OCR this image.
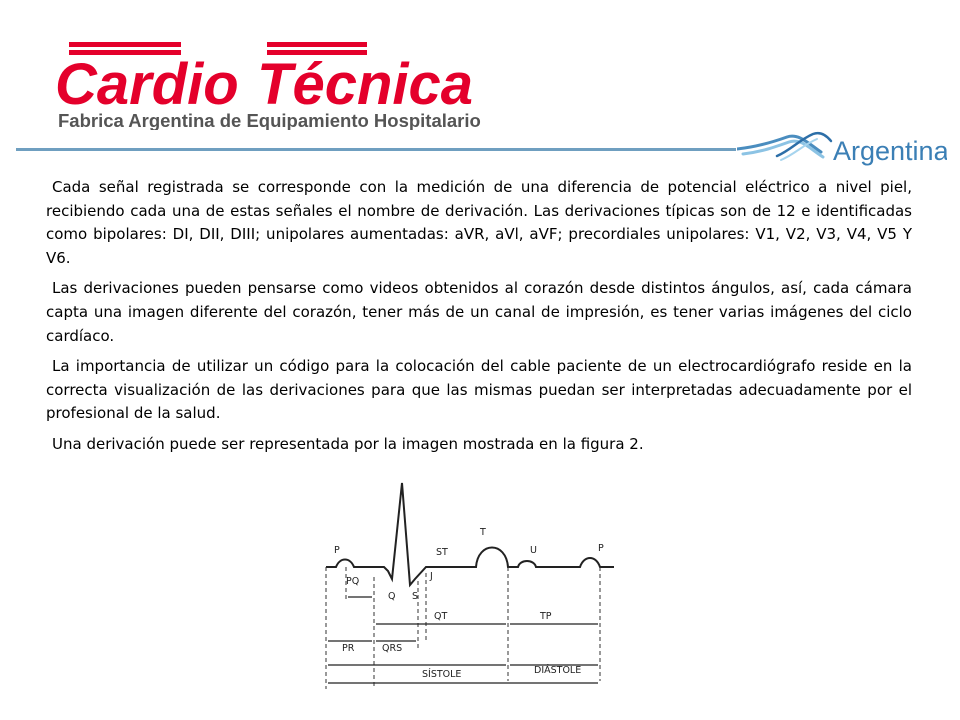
Cardio Técnica
Fabrica Argentina de Equipamiento Hospitalario
Argentina

Cada señal registrada se corresponde con la medición de una diferencia de potencial eléctrico a nivel piel, recibiendo cada una de estas señales el nombre de derivación. Las derivaciones típicas son de 12 e identificadas como bipolares: DI, DII, DIII; unipolares aumentadas: aVR, aVl, aVF; precordiales unipolares: V1, V2, V3, V4, V5 Y V6.

Las derivaciones pueden pensarse como videos obtenidos al corazón desde distintos ángulos, así, cada cámara capta una imagen diferente del corazón, tener más de un canal de impresión, es tener varias imágenes del ciclo cardíaco.

La importancia de utilizar un código para la colocación del cable paciente de un electrocardiógrafo reside en la correcta visualización de las derivaciones para que las mismas puedan ser interpretadas adecuadamente por el profesional de la salud.

Una derivación puede ser representada por la imagen mostrada en la figura 2.

P
PQ
Q S
J
ST
T
U	P
QT	TP
PR	QRS
SÍSTOLE	DIÁSTOLE
